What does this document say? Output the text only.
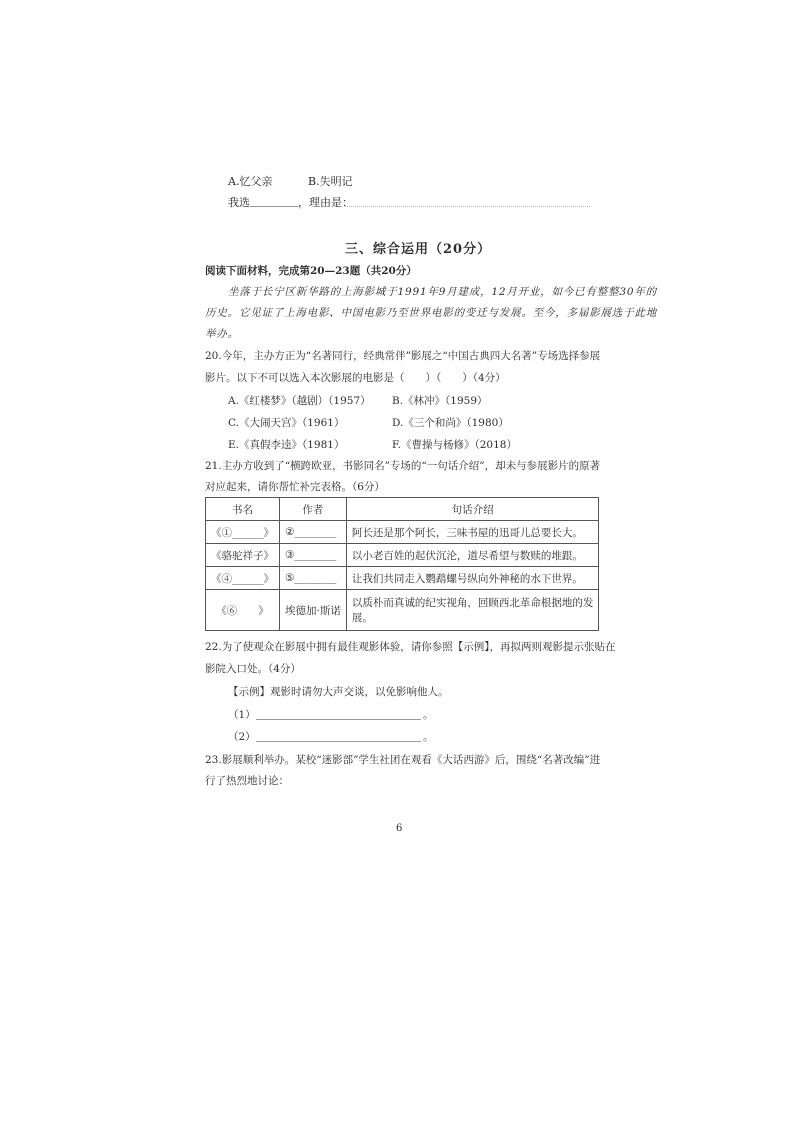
A.忆父亲	B.失明记
我选	，理由是：
三、综合运用（20分）
阅读下面材料，完成第20—23题（共20分）
坐落于长宁区新华路的上海影城于1991年9月建成，12月开业，如今已有整整30年的
历史。它见证了上海电影、中国电影乃至世界电影的变迁与发展。至今，多届影展选于此地
举办。
20.今年，主办方正为“名著同行，经典常伴”影展之“中国古典四大名著”专场选择参展
影片。以下不可以选入本次影展的电影是（　　）（　　）（4分）
A.《红楼梦》（越剧）（1957） B.《林冲》（1959）
C.《大闹天宫》（1961）	D.《三个和尚》（1980）
E.《真假李逵》（1981）	F.《曹操与杨修》（2018）
21.主办方收到了“横跨欧亚，书影同名”专场的“一句话介绍”，却未与参展影片的原著
对应起来，请你帮忙补完表格。（6分）
书名	作者	句话介绍
《①______》	②________	阿长还是那个阿长，三味书屋的迅哥儿总要长大。
《骆驼祥子》	③________	以小老百姓的起伏沉沦，道尽希望与数赎的堆跟。
《④______》	⑤________	让我们共同走入鹦鹉螺号纵向外神秘的水下世界。
《⑥　　》	埃德加·斯诺	以质朴而真诚的纪实视角，回顾西北革命根据地的发
展。
22.为了使观众在影展中拥有最佳观影体验，请你参照【示例】，再拟两则观影提示张贴在
影院入口处。（4分）
【示例】观影时请勿大声交谈，以免影响他人。
（1）	。
（2）	。
23.影展顺利举办。某校“迷影部”学生社团在观看《大话西游》后，围绕“名著改编”进
行了热烈地讨论：
6
